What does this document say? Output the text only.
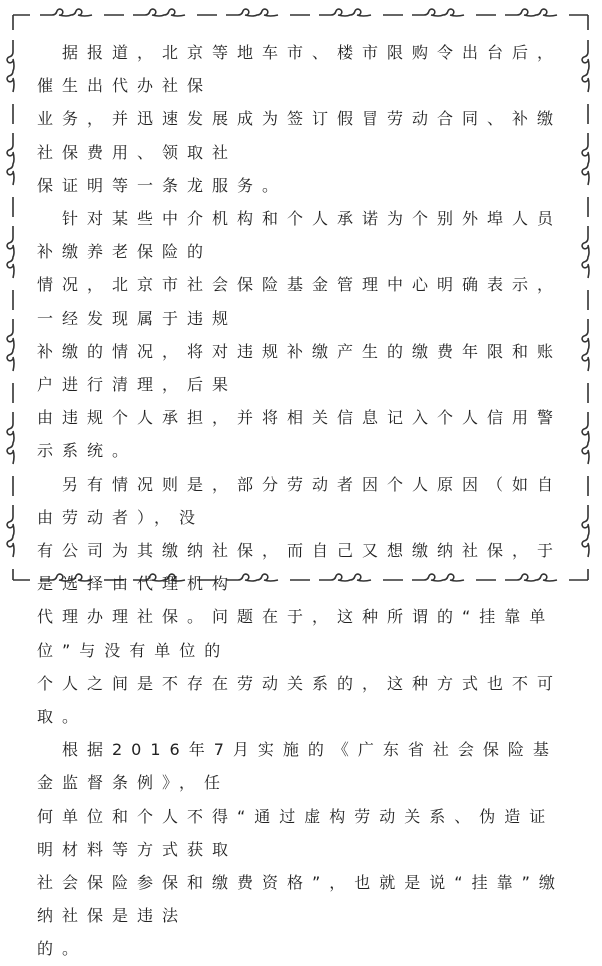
　据报道，北京等地车市、楼市限购令出台后，催生出代办社保
业务，并迅速发展成为签订假冒劳动合同、补缴社保费用、领取社
保证明等一条龙服务。
　针对某些中介机构和个人承诺为个别外埠人员补缴养老保险的
情况，北京市社会保险基金管理中心明确表示，一经发现属于违规
补缴的情况，将对违规补缴产生的缴费年限和账户进行清理，后果
由违规个人承担，并将相关信息记入个人信用警示系统。
　另有情况则是，部分劳动者因个人原因（如自由劳动者），没
有公司为其缴纳社保，而自己又想缴纳社保，于是选择由代理机构
代理办理社保。问题在于，这种所谓的“挂靠单位”与没有单位的
个人之间是不存在劳动关系的，这种方式也不可取。
　根据2016年7月实施的《广东省社会保险基金监督条例》，任
何单位和个人不得“通过虚构劳动关系、伪造证明材料等方式获取
社会保险参保和缴费资格”，也就是说“挂靠”缴纳社保是违法
的。
